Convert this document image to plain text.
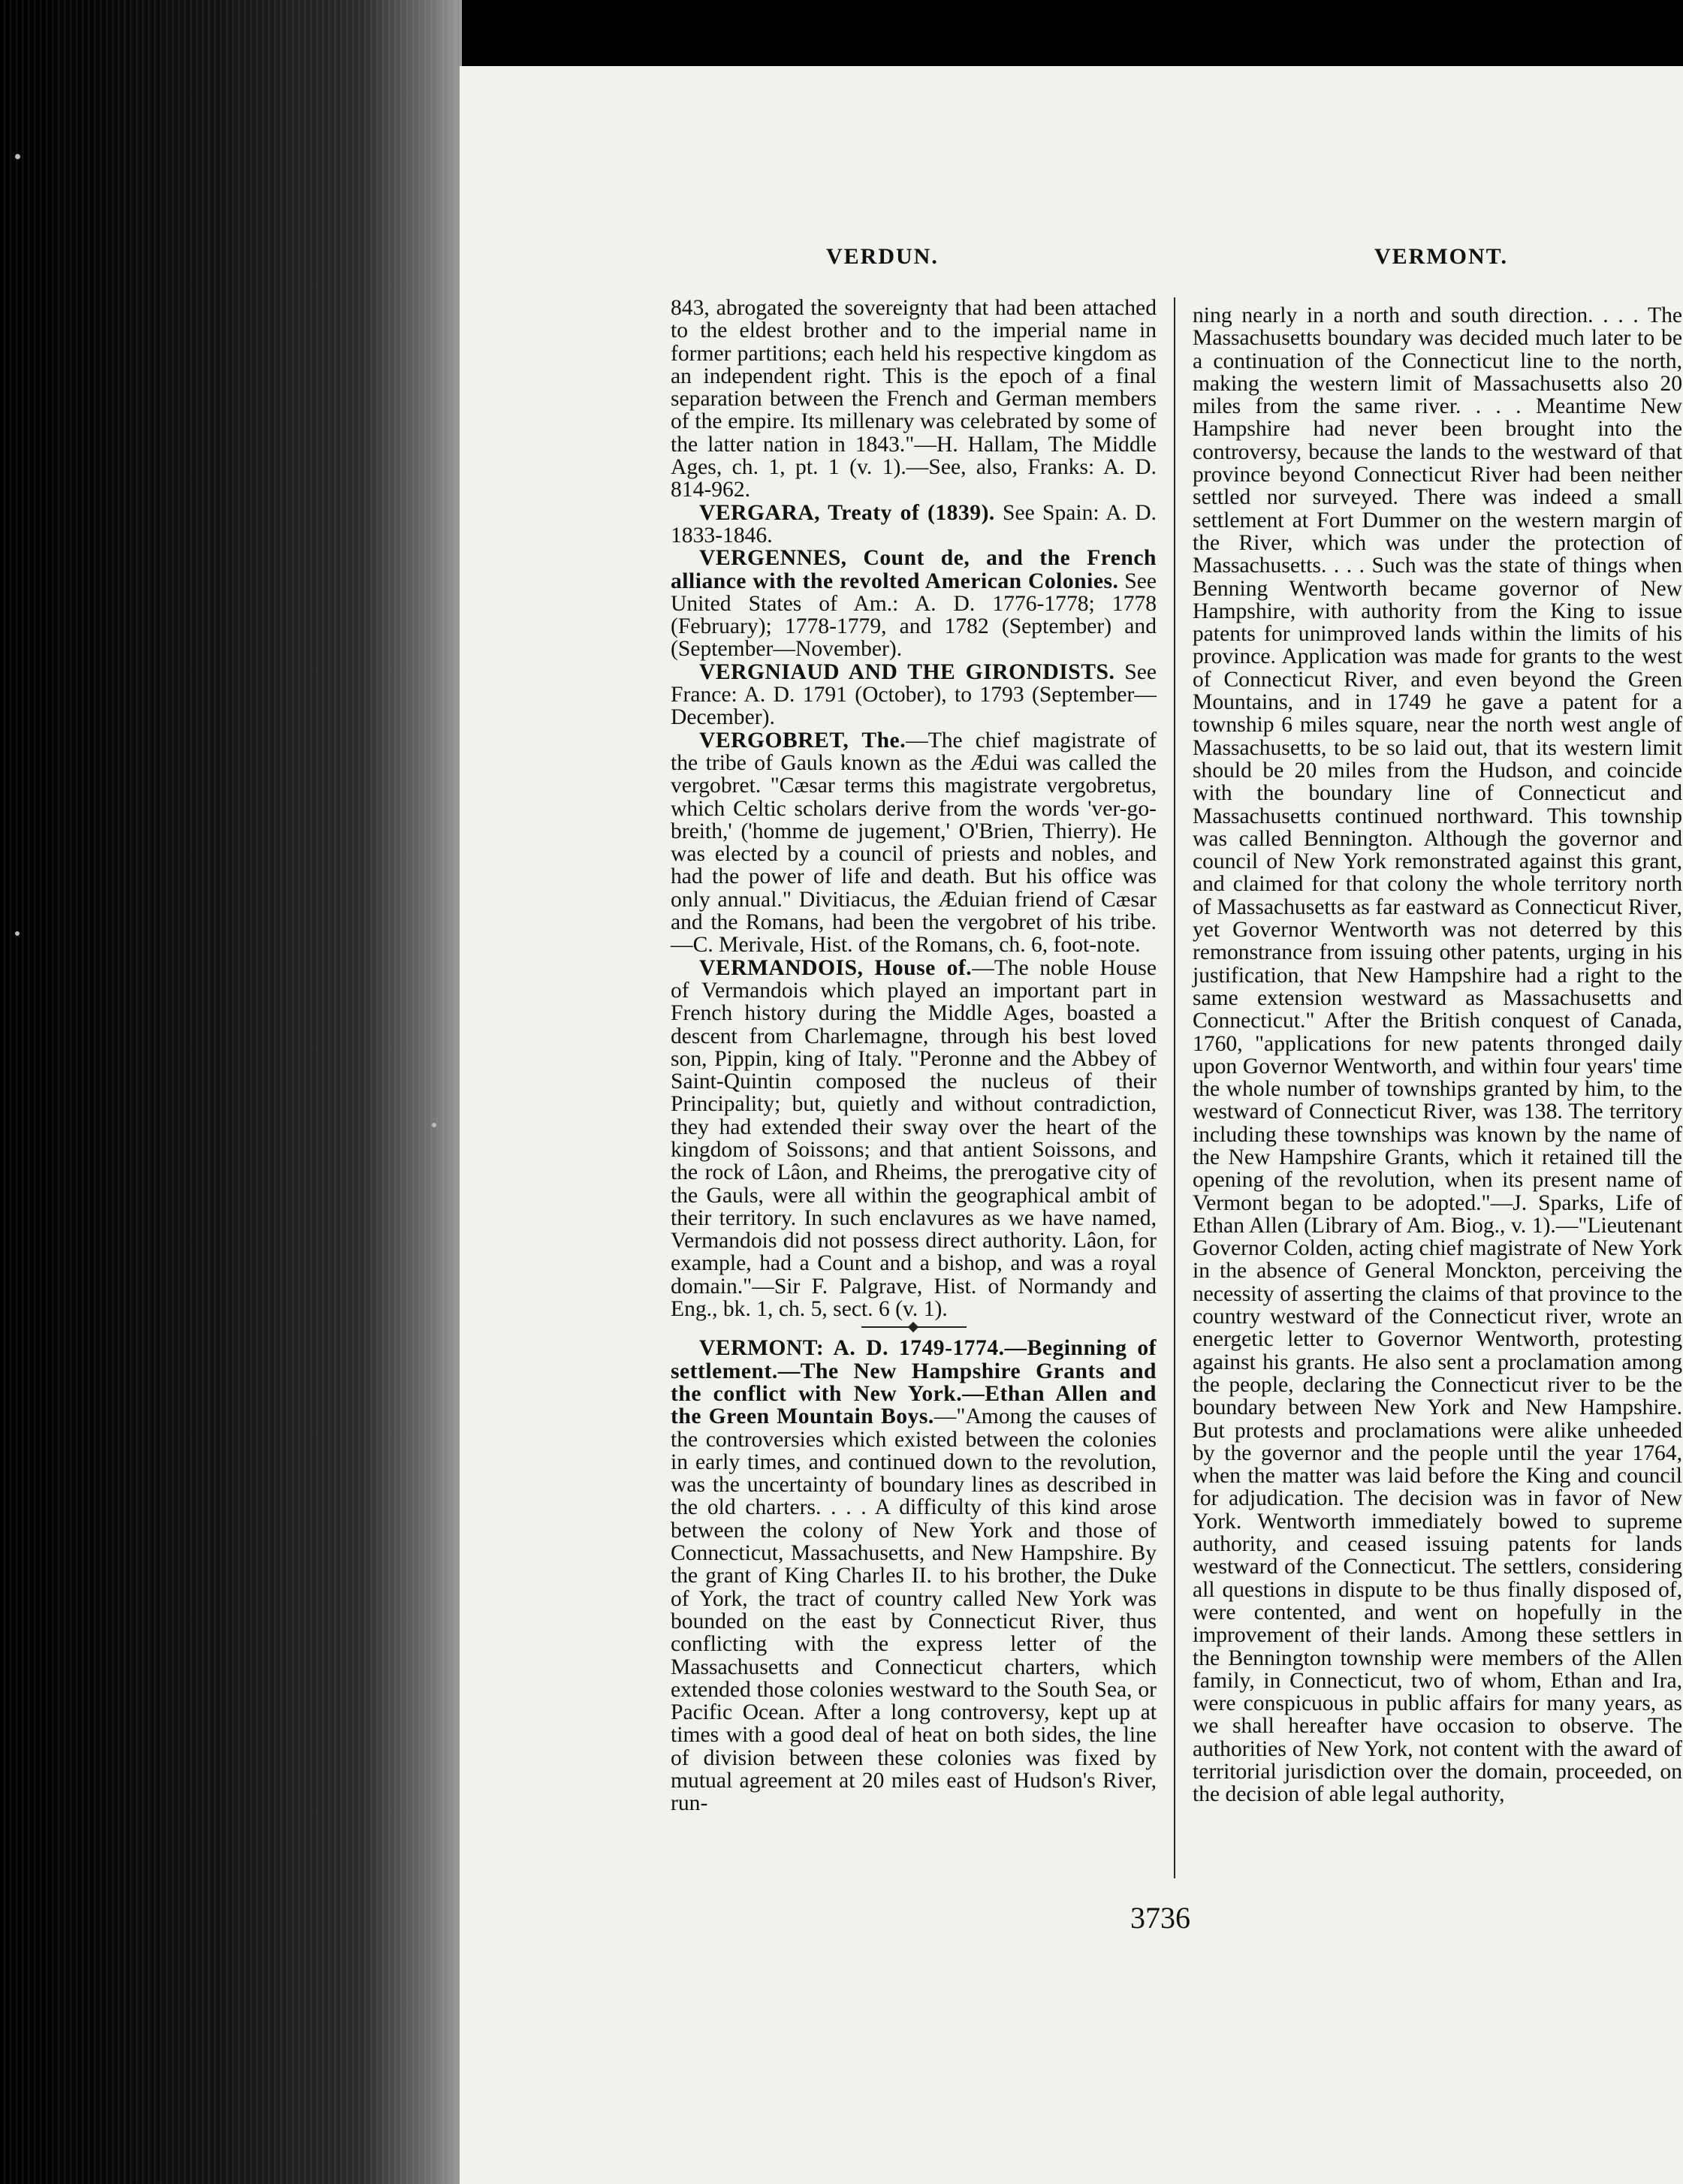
VERDUN.	VERMONT.

843, abrogated the sovereignty that had been attached to the eldest brother and to the imperial name in former partitions; each held his respective kingdom as an independent right. This is the epoch of a final separation between the French and German members of the empire. Its millenary was celebrated by some of the latter nation in 1843."—H. Hallam, The Middle Ages, ch. 1, pt. 1 (v. 1).—See, also, Franks: A. D. 814-962.

VERGARA, Treaty of (1839). See Spain: A. D. 1833-1846.

VERGENNES, Count de, and the French alliance with the revolted American Colonies. See United States of Am.: A. D. 1776-1778; 1778 (February); 1778-1779, and 1782 (September) and (September—November).

VERGNIAUD AND THE GIRONDISTS. See France: A. D. 1791 (October), to 1793 (September—December).

VERGOBRET, The.—The chief magistrate of the tribe of Gauls known as the Ædui was called the vergobret. "Cæsar terms this magistrate vergobretus, which Celtic scholars derive from the words 'ver-go-breith,' ('homme de jugement,' O'Brien, Thierry). He was elected by a council of priests and nobles, and had the power of life and death. But his office was only annual." Divitiacus, the Æduian friend of Cæsar and the Romans, had been the vergobret of his tribe.—C. Merivale, Hist. of the Romans, ch. 6, foot-note.

VERMANDOIS, House of.—The noble House of Vermandois which played an important part in French history during the Middle Ages, boasted a descent from Charlemagne, through his best loved son, Pippin, king of Italy. "Peronne and the Abbey of Saint-Quintin composed the nucleus of their Principality; but, quietly and without contradiction, they had extended their sway over the heart of the kingdom of Soissons; and that antient Soissons, and the rock of Lâon, and Rheims, the prerogative city of the Gauls, were all within the geographical ambit of their territory. In such enclavures as we have named, Vermandois did not possess direct authority. Lâon, for example, had a Count and a bishop, and was a royal domain."—Sir F. Palgrave, Hist. of Normandy and Eng., bk. 1, ch. 5, sect. 6 (v. 1).

VERMONT: A. D. 1749-1774.—Beginning of settlement.—The New Hampshire Grants and the conflict with New York.—Ethan Allen and the Green Mountain Boys.—"Among the causes of the controversies which existed between the colonies in early times, and continued down to the revolution, was the uncertainty of boundary lines as described in the old charters. . . . A difficulty of this kind arose between the colony of New York and those of Connecticut, Massachusetts, and New Hampshire. By the grant of King Charles II. to his brother, the Duke of York, the tract of country called New York was bounded on the east by Connecticut River, thus conflicting with the express letter of the Massachusetts and Connecticut charters, which extended those colonies westward to the South Sea, or Pacific Ocean. After a long controversy, kept up at times with a good deal of heat on both sides, the line of division between these colonies was fixed by mutual agreement at 20 miles east of Hudson's River, run-

ning nearly in a north and south direction. . . . The Massachusetts boundary was decided much later to be a continuation of the Connecticut line to the north, making the western limit of Massachusetts also 20 miles from the same river. . . . Meantime New Hampshire had never been brought into the controversy, because the lands to the westward of that province beyond Connecticut River had been neither settled nor surveyed. There was indeed a small settlement at Fort Dummer on the western margin of the River, which was under the protection of Massachusetts. . . . Such was the state of things when Benning Wentworth became governor of New Hampshire, with authority from the King to issue patents for unimproved lands within the limits of his province. Application was made for grants to the west of Connecticut River, and even beyond the Green Mountains, and in 1749 he gave a patent for a township 6 miles square, near the north west angle of Massachusetts, to be so laid out, that its western limit should be 20 miles from the Hudson, and coincide with the boundary line of Connecticut and Massachusetts continued northward. This township was called Bennington. Although the governor and council of New York remonstrated against this grant, and claimed for that colony the whole territory north of Massachusetts as far eastward as Connecticut River, yet Governor Wentworth was not deterred by this remonstrance from issuing other patents, urging in his justification, that New Hampshire had a right to the same extension westward as Massachusetts and Connecticut." After the British conquest of Canada, 1760, "applications for new patents thronged daily upon Governor Wentworth, and within four years' time the whole number of townships granted by him, to the westward of Connecticut River, was 138. The territory including these townships was known by the name of the New Hampshire Grants, which it retained till the opening of the revolution, when its present name of Vermont began to be adopted."—J. Sparks, Life of Ethan Allen (Library of Am. Biog., v. 1).—"Lieutenant Governor Colden, acting chief magistrate of New York in the absence of General Monckton, perceiving the necessity of asserting the claims of that province to the country westward of the Connecticut river, wrote an energetic letter to Governor Wentworth, protesting against his grants. He also sent a proclamation among the people, declaring the Connecticut river to be the boundary between New York and New Hampshire. But protests and proclamations were alike unheeded by the governor and the people until the year 1764, when the matter was laid before the King and council for adjudication. The decision was in favor of New York. Wentworth immediately bowed to supreme authority, and ceased issuing patents for lands westward of the Connecticut. The settlers, considering all questions in dispute to be thus finally disposed of, were contented, and went on hopefully in the improvement of their lands. Among these settlers in the Bennington township were members of the Allen family, in Connecticut, two of whom, Ethan and Ira, were conspicuous in public affairs for many years, as we shall hereafter have occasion to observe. The authorities of New York, not content with the award of territorial jurisdiction over the domain, proceeded, on the decision of able legal authority,

3736
